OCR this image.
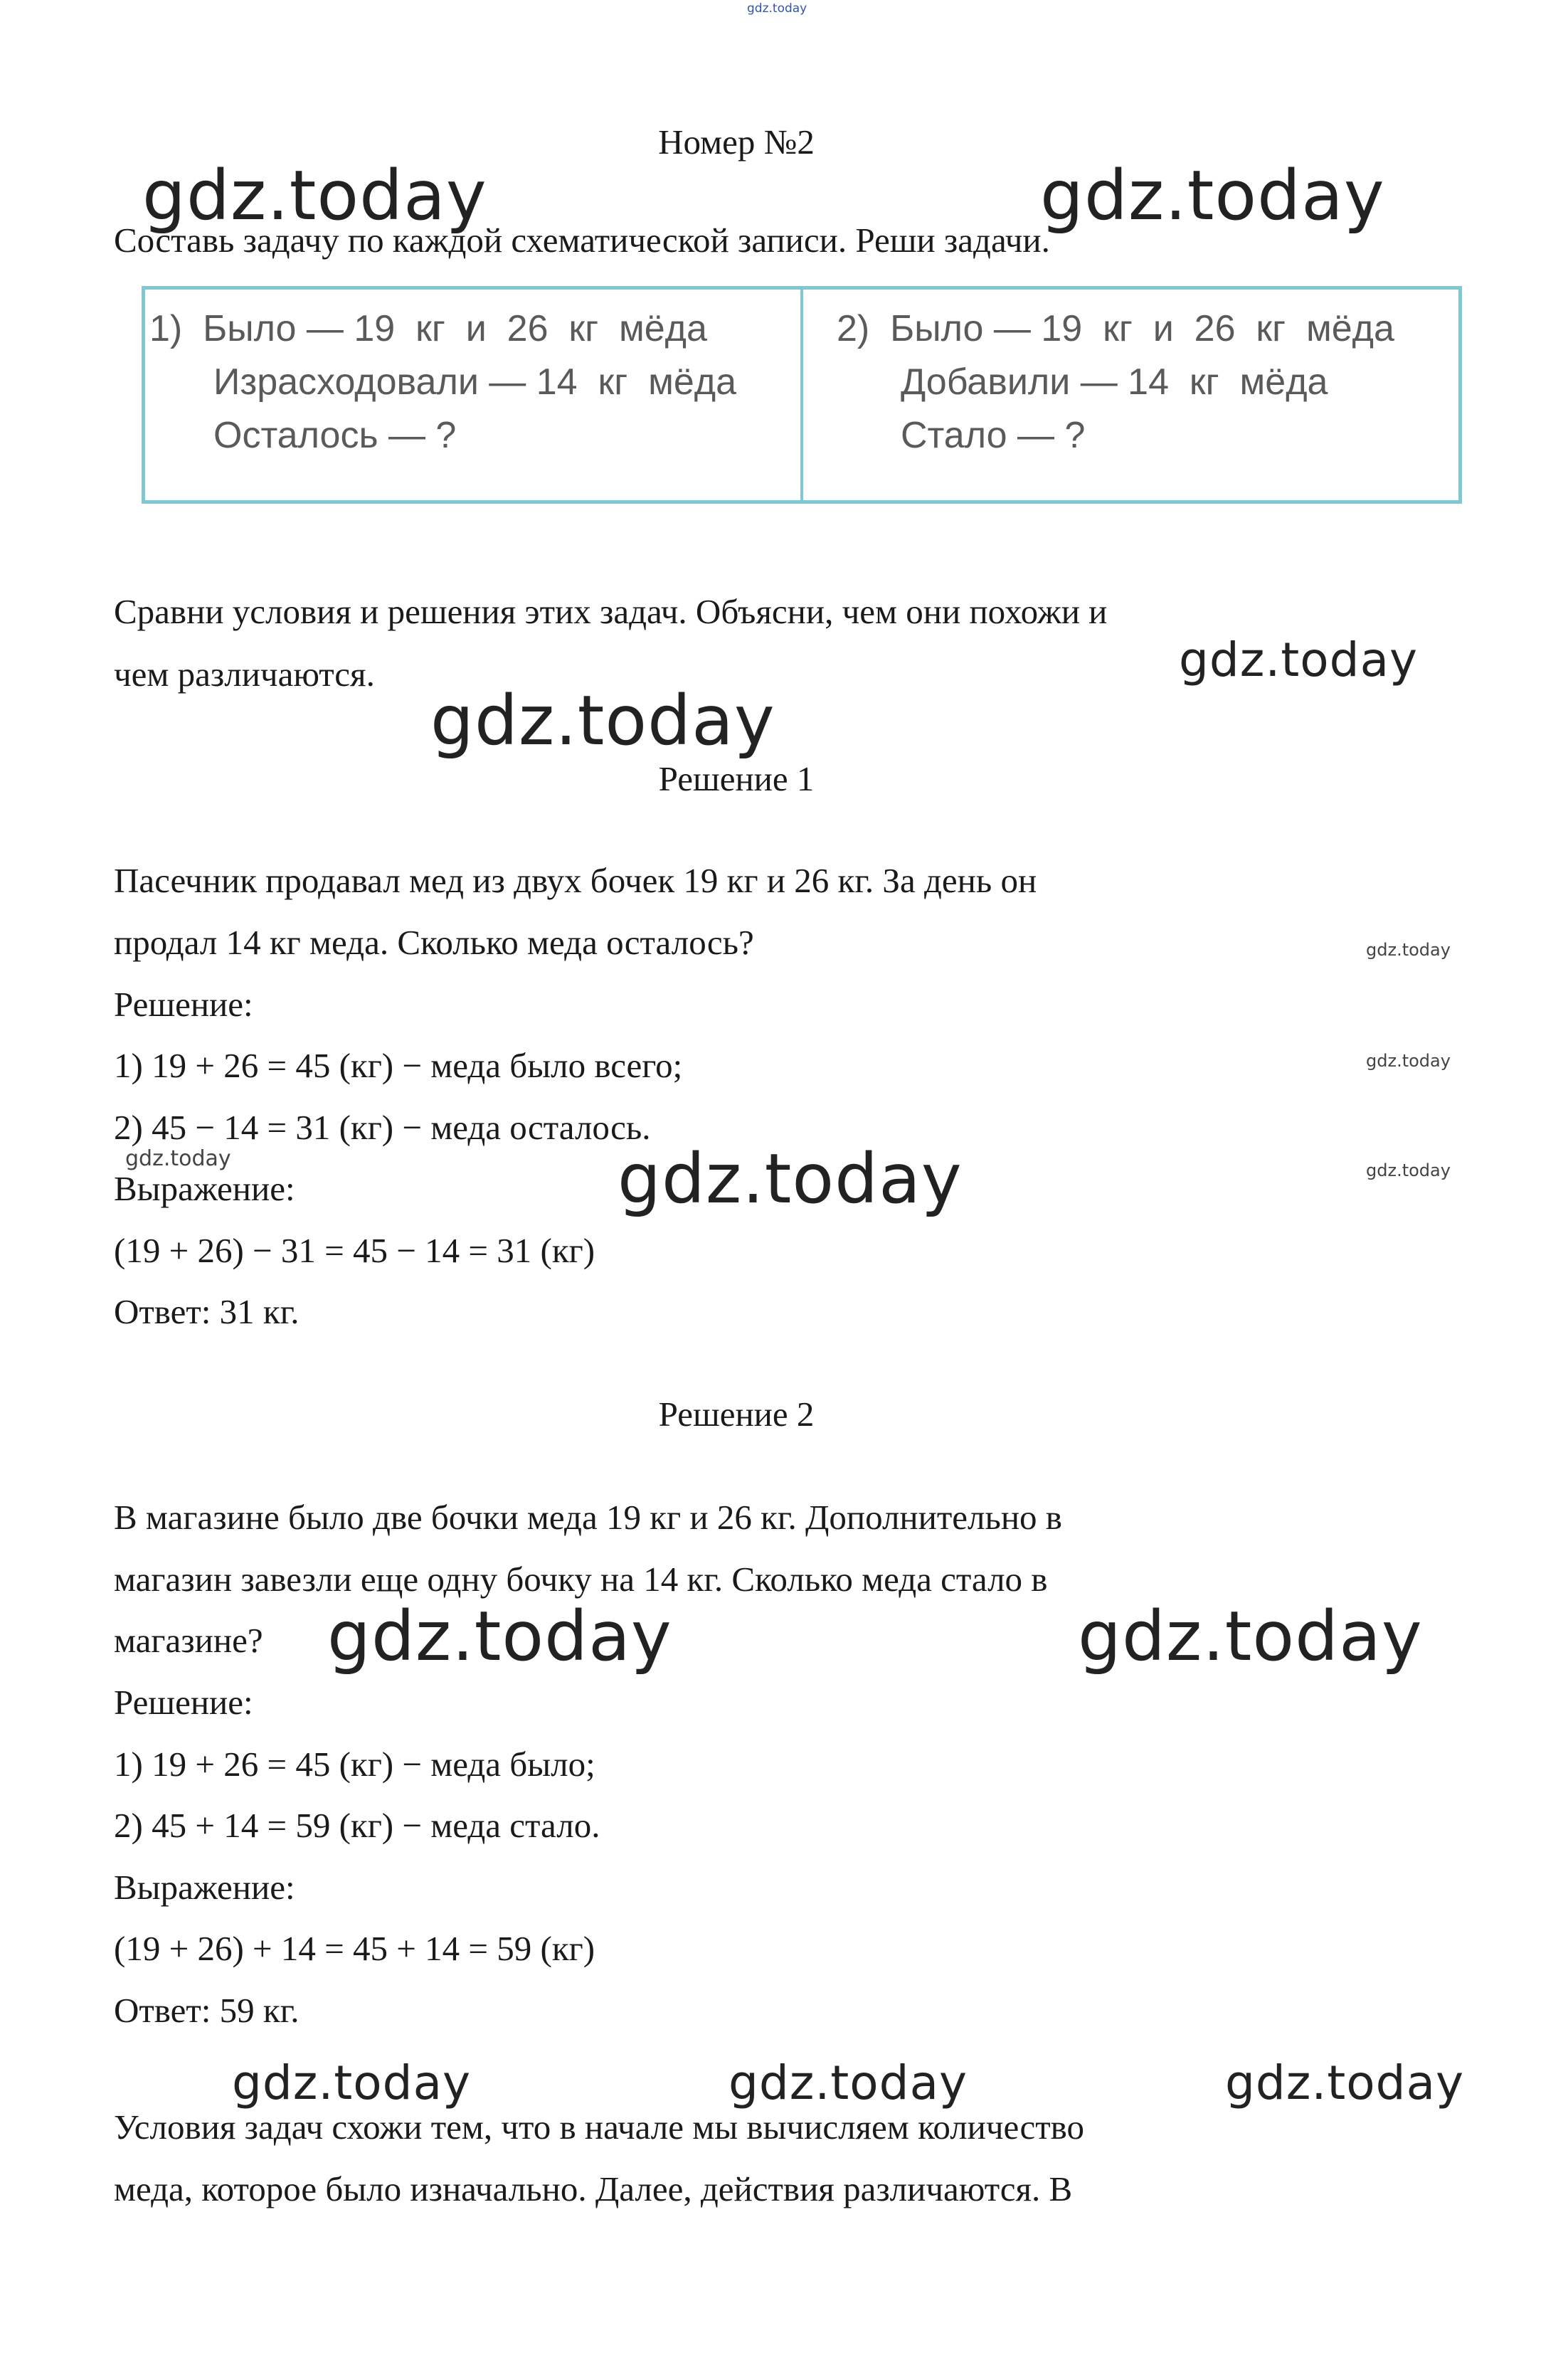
gdz.today
Номер №2
gdz.today	gdz.today
Составь задачу по каждой схематической записи. Реши задачи.
1)  Было — 19  кг  и  26  кг  мёда
Израсходовали — 14  кг  мёда
Осталось — ?
2)  Было — 19  кг  и  26  кг  мёда
Добавили — 14  кг  мёда
Стало — ?
Сравни условия и решения этих задач. Объясни, чем они похожи и
чем различаются.	gdz.today
gdz.today
Решение 1
Пасечник продавал мед из двух бочек 19 кг и 26 кг. За день он
продал 14 кг меда. Сколько меда осталось?	gdz.today
Решение:
1) 19 + 26 = 45 (кг) − меда было всего;	gdz.today
2) 45 − 14 = 31 (кг) − меда осталось.
gdz.today	gdz.today	gdz.today
Выражение:
(19 + 26) − 31 = 45 − 14 = 31 (кг)
Ответ: 31 кг.
Решение 2
В магазине было две бочки меда 19 кг и 26 кг. Дополнительно в
магазин завезли еще одну бочку на 14 кг. Сколько меда стало в
магазине? gdz.today	gdz.today
Решение:
1) 19 + 26 = 45 (кг) − меда было;
2) 45 + 14 = 59 (кг) − меда стало.
Выражение:
(19 + 26) + 14 = 45 + 14 = 59 (кг)
Ответ: 59 кг.
gdz.today	gdz.today	gdz.today
Условия задач схожи тем, что в начале мы вычисляем количество
меда, которое было изначально. Далее, действия различаются. В
